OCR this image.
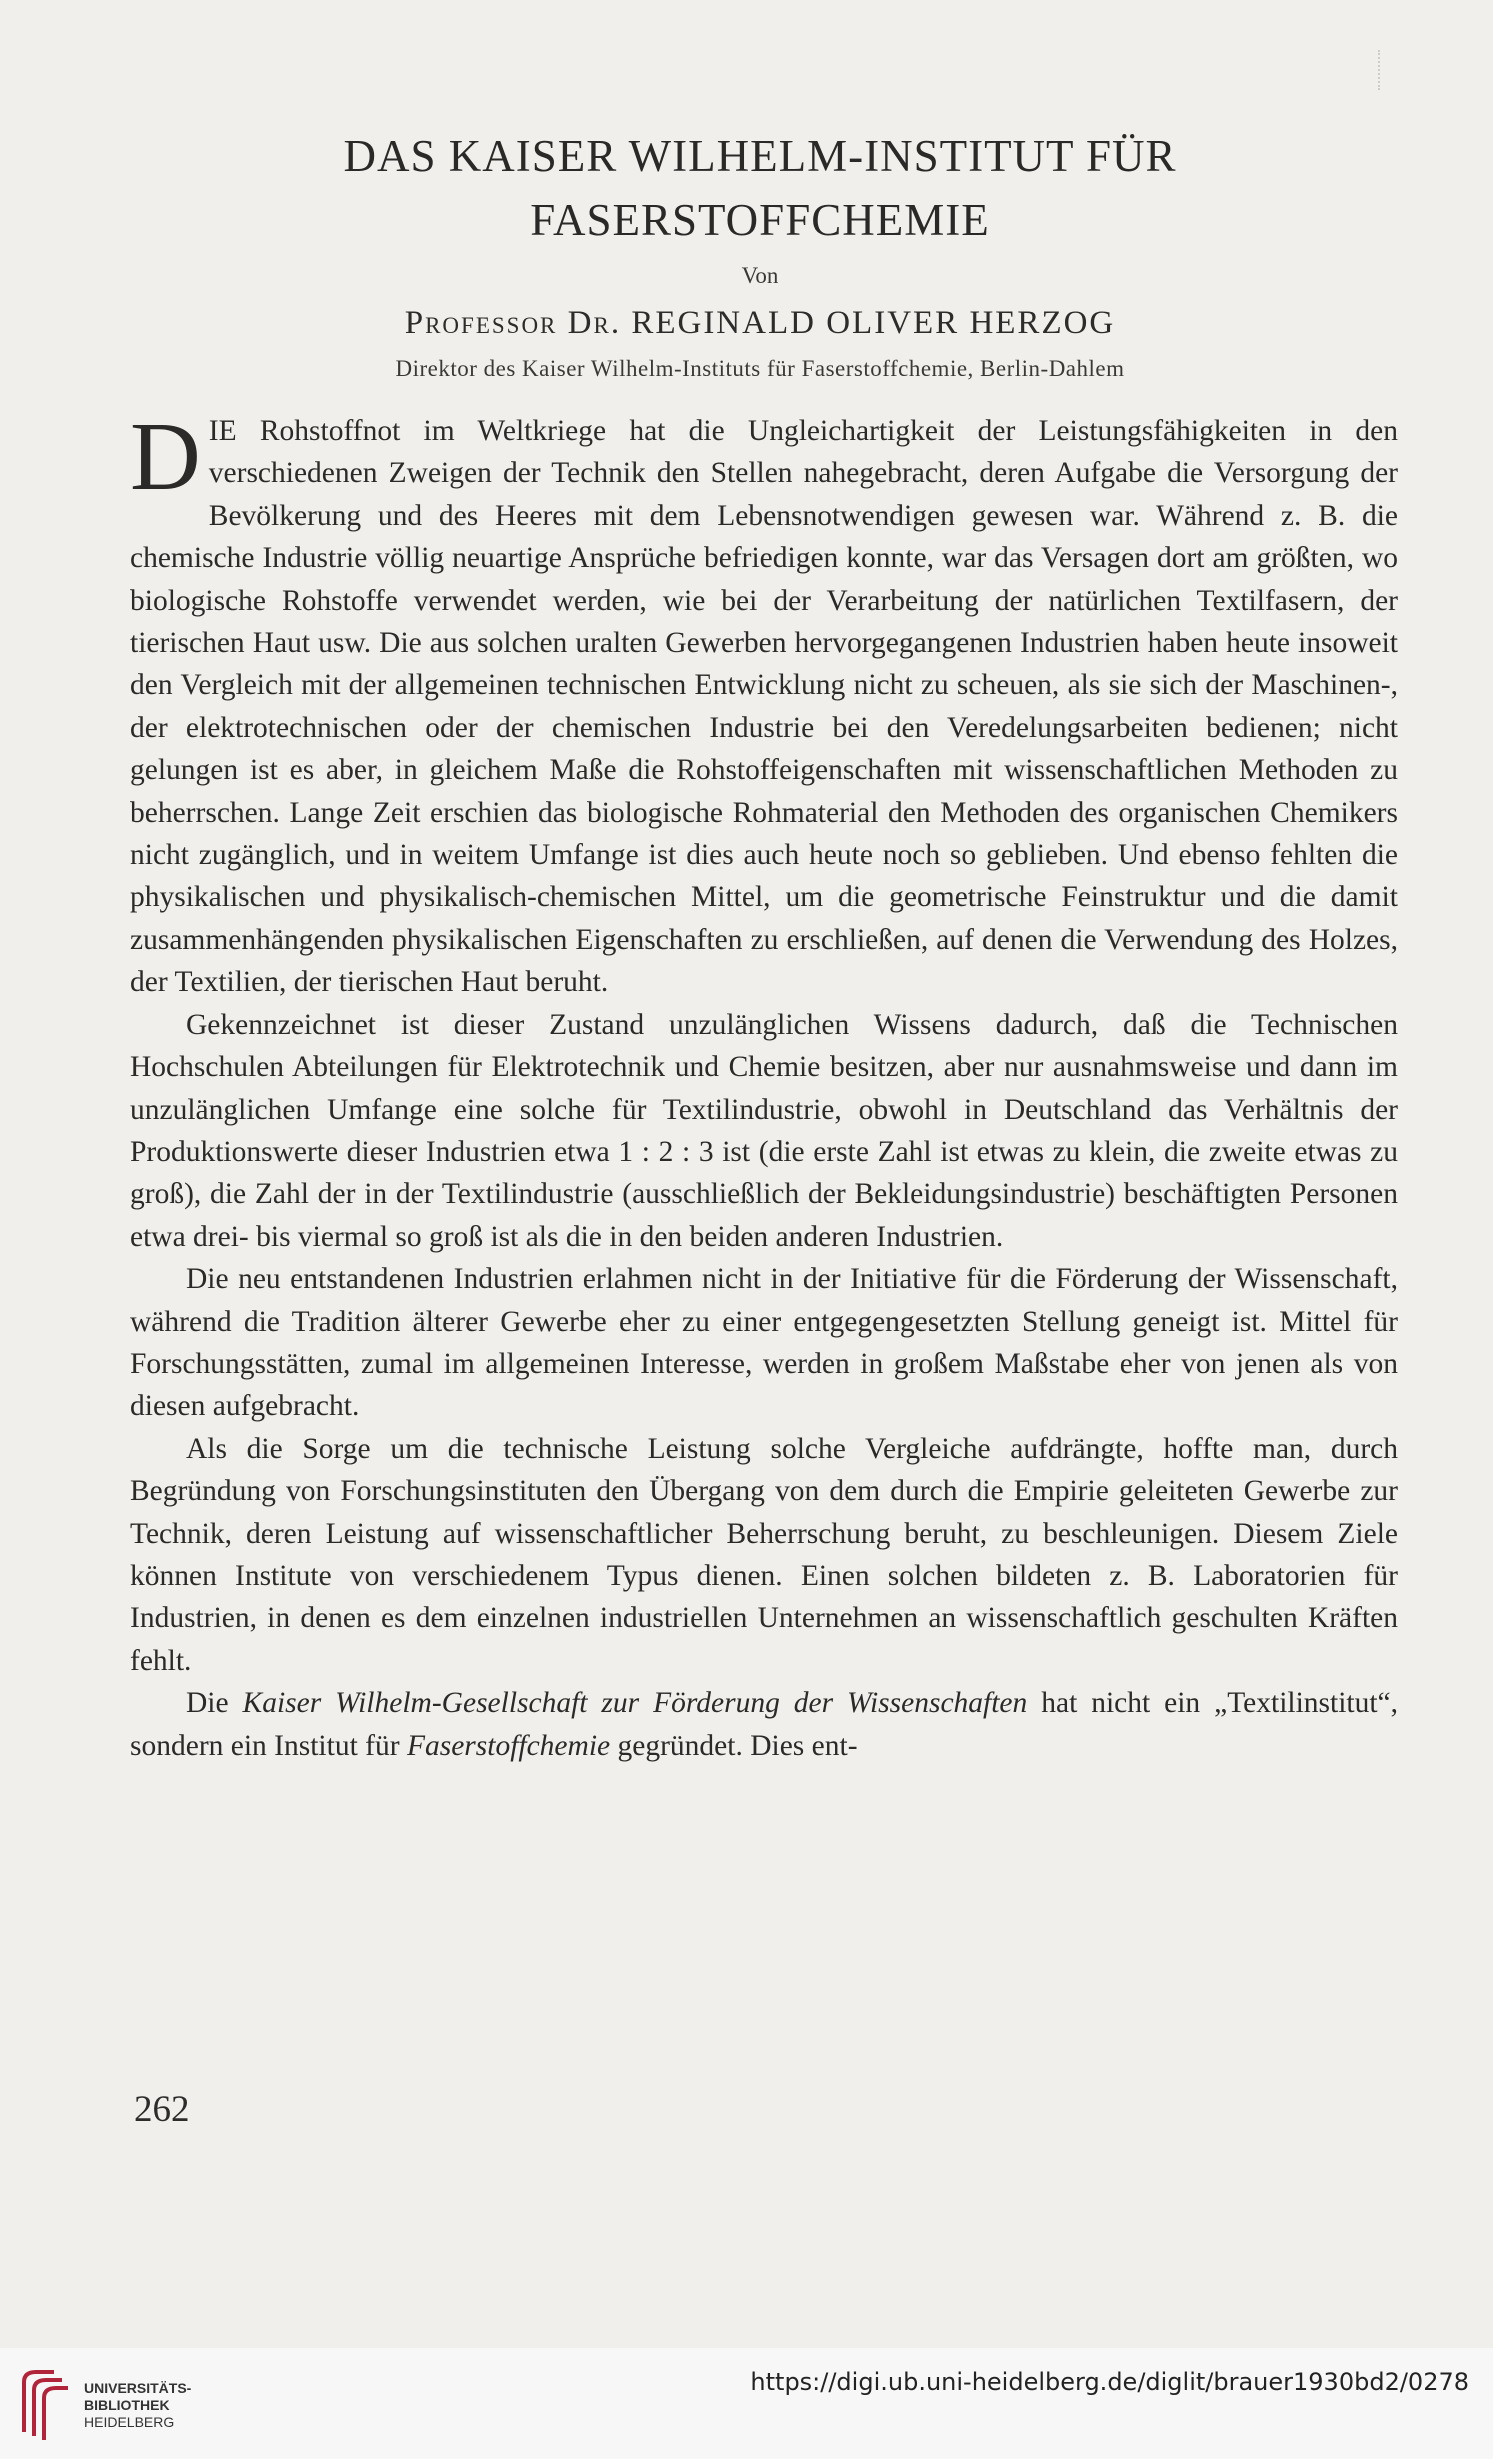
DAS KAISER WILHELM-INSTITUT FÜR
FASERSTOFFCHEMIE
Von
Professor Dr. REGINALD OLIVER HERZOG
Direktor des Kaiser Wilhelm-Instituts für Faserstoffchemie, Berlin-Dahlem

DIE Rohstoffnot im Weltkriege hat die Ungleichartigkeit der Leistungsfähigkeiten in den verschiedenen Zweigen der Technik den Stellen nahegebracht, deren Aufgabe die Versorgung der Bevölkerung und des Heeres mit dem Lebensnotwendigen gewesen war. Während z. B. die chemische Industrie völlig neuartige Ansprüche befriedigen konnte, war das Versagen dort am größten, wo biologische Rohstoffe verwendet werden, wie bei der Verarbeitung der natürlichen Textilfasern, der tierischen Haut usw. Die aus solchen uralten Gewerben hervorgegangenen Industrien haben heute insoweit den Vergleich mit der allgemeinen technischen Entwicklung nicht zu scheuen, als sie sich der Maschinen-, der elektrotechnischen oder der chemischen Industrie bei den Veredelungsarbeiten bedienen; nicht gelungen ist es aber, in gleichem Maße die Rohstoffeigenschaften mit wissenschaftlichen Methoden zu beherrschen. Lange Zeit erschien das biologische Rohmaterial den Methoden des organischen Chemikers nicht zugänglich, und in weitem Umfange ist dies auch heute noch so geblieben. Und ebenso fehlten die physikalischen und physikalisch-chemischen Mittel, um die geometrische Feinstruktur und die damit zusammenhängenden physikalischen Eigenschaften zu erschließen, auf denen die Verwendung des Holzes, der Textilien, der tierischen Haut beruht.

Gekennzeichnet ist dieser Zustand unzulänglichen Wissens dadurch, daß die Technischen Hochschulen Abteilungen für Elektrotechnik und Chemie besitzen, aber nur ausnahmsweise und dann im unzulänglichen Umfange eine solche für Textilindustrie, obwohl in Deutschland das Verhältnis der Produktionswerte dieser Industrien etwa 1 : 2 : 3 ist (die erste Zahl ist etwas zu klein, die zweite etwas zu groß), die Zahl der in der Textilindustrie (ausschließlich der Bekleidungsindustrie) beschäftigten Personen etwa drei- bis viermal so groß ist als die in den beiden anderen Industrien.

Die neu entstandenen Industrien erlahmen nicht in der Initiative für die Förderung der Wissenschaft, während die Tradition älterer Gewerbe eher zu einer entgegengesetzten Stellung geneigt ist. Mittel für Forschungsstätten, zumal im allgemeinen Interesse, werden in großem Maßstabe eher von jenen als von diesen aufgebracht.

Als die Sorge um die technische Leistung solche Vergleiche aufdrängte, hoffte man, durch Begründung von Forschungsinstituten den Übergang von dem durch die Empirie geleiteten Gewerbe zur Technik, deren Leistung auf wissenschaftlicher Beherrschung beruht, zu beschleunigen. Diesem Ziele können Institute von verschiedenem Typus dienen. Einen solchen bildeten z. B. Laboratorien für Industrien, in denen es dem einzelnen industriellen Unternehmen an wissenschaftlich geschulten Kräften fehlt.

Die Kaiser Wilhelm-Gesellschaft zur Förderung der Wissenschaften hat nicht ein „Textilinstitut“, sondern ein Institut für Faserstoffchemie gegründet. Dies ent-

262
UNIVERSITÄTS-
BIBLIOTHEK
HEIDELBERG
https://digi.ub.uni-heidelberg.de/diglit/brauer1930bd2/0278
